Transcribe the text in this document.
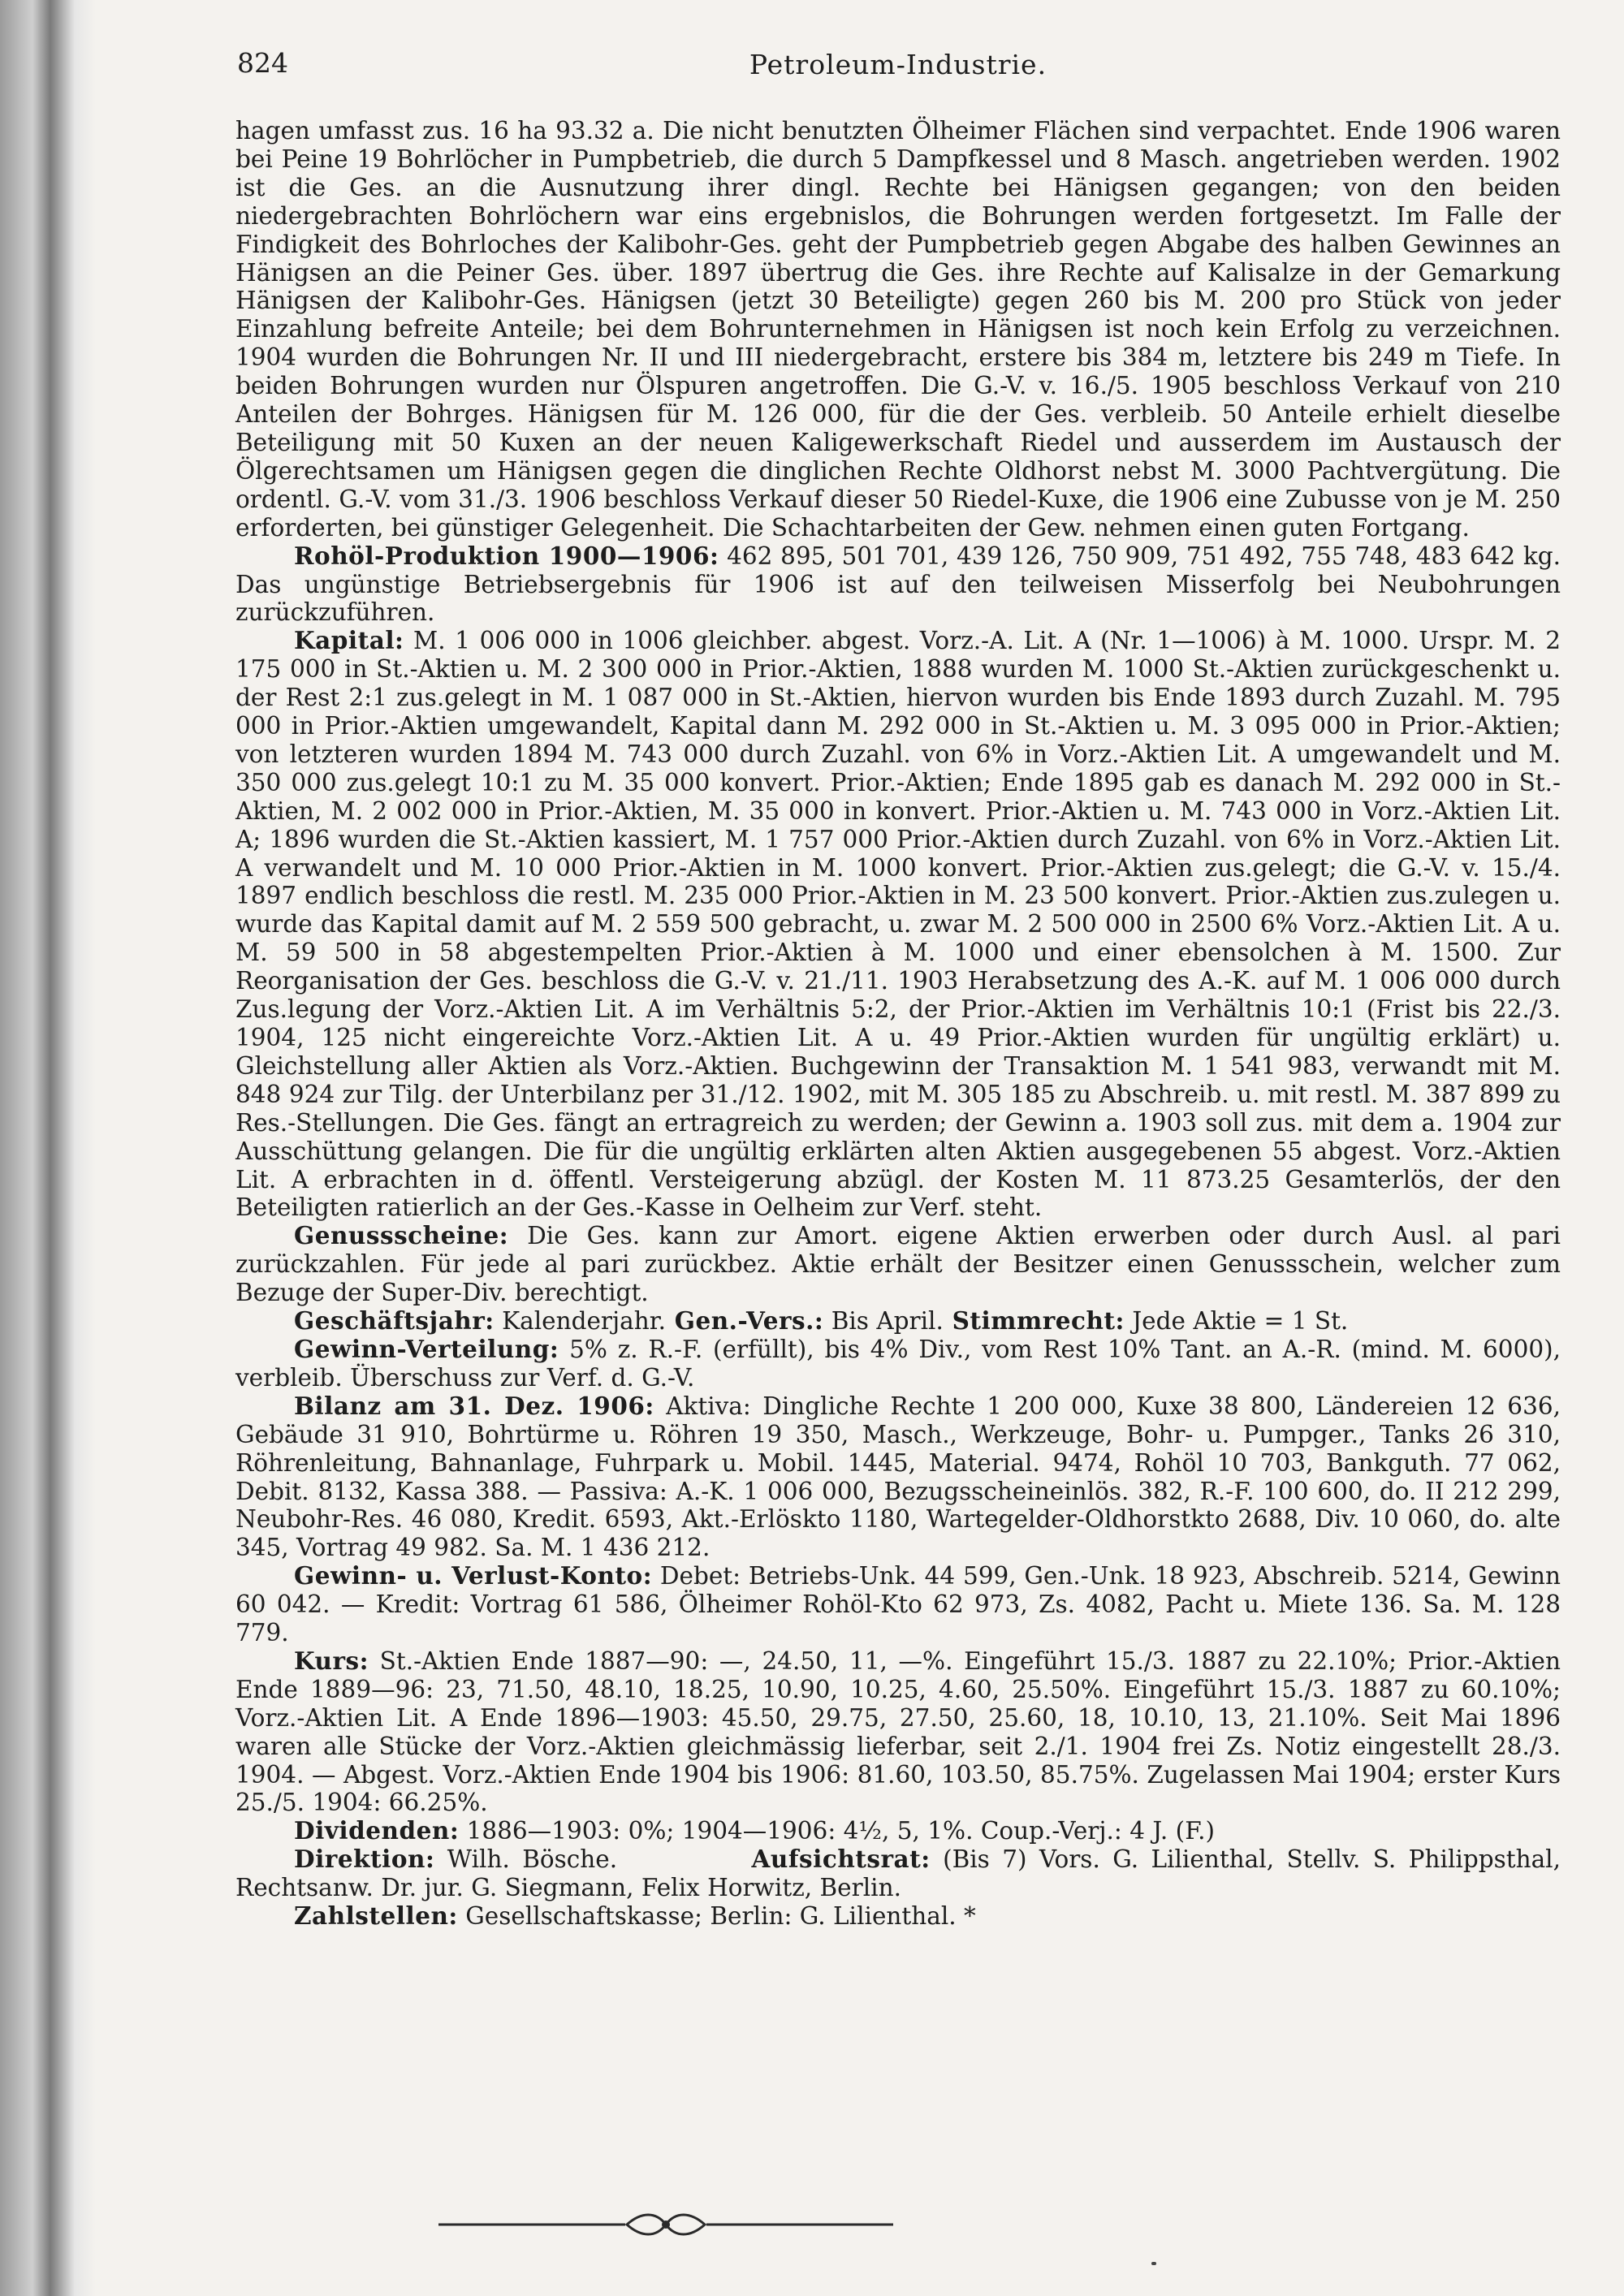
824	Petroleum-Industrie.

hagen umfasst zus. 16 ha 93.32 a. Die nicht benutzten Ölheimer Flächen sind verpachtet. Ende 1906 waren bei Peine 19 Bohrlöcher in Pumpbetrieb, die durch 5 Dampfkessel und 8 Masch. angetrieben werden. 1902 ist die Ges. an die Ausnutzung ihrer dingl. Rechte bei Hänigsen gegangen; von den beiden niedergebrachten Bohrlöchern war eins ergebnislos, die Bohrungen werden fortgesetzt. Im Falle der Findigkeit des Bohrloches der Kalibohr-Ges. geht der Pumpbetrieb gegen Abgabe des halben Gewinnes an Hänigsen an die Peiner Ges. über. 1897 übertrug die Ges. ihre Rechte auf Kalisalze in der Gemarkung Hänigsen der Kalibohr-Ges. Hänigsen (jetzt 30 Beteiligte) gegen 260 bis M. 200 pro Stück von jeder Einzahlung befreite Anteile; bei dem Bohrunternehmen in Hänigsen ist noch kein Erfolg zu verzeichnen. 1904 wurden die Bohrungen Nr. II und III niedergebracht, erstere bis 384 m, letztere bis 249 m Tiefe. In beiden Bohrungen wurden nur Ölspuren angetroffen. Die G.-V. v. 16./5. 1905 beschloss Verkauf von 210 Anteilen der Bohrges. Hänigsen für M. 126 000, für die der Ges. verbleib. 50 Anteile erhielt dieselbe Beteiligung mit 50 Kuxen an der neuen Kaligewerkschaft Riedel und ausserdem im Austausch der Ölgerechtsamen um Hänigsen gegen die dinglichen Rechte Oldhorst nebst M. 3000 Pachtvergütung. Die ordentl. G.-V. vom 31./3. 1906 beschloss Verkauf dieser 50 Riedel-Kuxe, die 1906 eine Zubusse von je M. 250 erforderten, bei günstiger Gelegenheit. Die Schachtarbeiten der Gew. nehmen einen guten Fortgang.

Rohöl-Produktion 1900—1906: 462 895, 501 701, 439 126, 750 909, 751 492, 755 748, 483 642 kg. Das ungünstige Betriebsergebnis für 1906 ist auf den teilweisen Misserfolg bei Neubohrungen zurückzuführen.

Kapital: M. 1 006 000 in 1006 gleichber. abgest. Vorz.-A. Lit. A (Nr. 1—1006) à M. 1000. Urspr. M. 2 175 000 in St.-Aktien u. M. 2 300 000 in Prior.-Aktien, 1888 wurden M. 1000 St.-Aktien zurückgeschenkt u. der Rest 2:1 zus.gelegt in M. 1 087 000 in St.-Aktien, hiervon wurden bis Ende 1893 durch Zuzahl. M. 795 000 in Prior.-Aktien umgewandelt, Kapital dann M. 292 000 in St.-Aktien u. M. 3 095 000 in Prior.-Aktien; von letzteren wurden 1894 M. 743 000 durch Zuzahl. von 6% in Vorz.-Aktien Lit. A umgewandelt und M. 350 000 zus.gelegt 10:1 zu M. 35 000 konvert. Prior.-Aktien; Ende 1895 gab es danach M. 292 000 in St.-Aktien, M. 2 002 000 in Prior.-Aktien, M. 35 000 in konvert. Prior.-Aktien u. M. 743 000 in Vorz.-Aktien Lit. A; 1896 wurden die St.-Aktien kassiert, M. 1 757 000 Prior.-Aktien durch Zuzahl. von 6% in Vorz.-Aktien Lit. A verwandelt und M. 10 000 Prior.-Aktien in M. 1000 konvert. Prior.-Aktien zus.gelegt; die G.-V. v. 15./4. 1897 endlich beschloss die restl. M. 235 000 Prior.-Aktien in M. 23 500 konvert. Prior.-Aktien zus.zulegen u. wurde das Kapital damit auf M. 2 559 500 gebracht, u. zwar M. 2 500 000 in 2500 6% Vorz.-Aktien Lit. A u. M. 59 500 in 58 abgestempelten Prior.-Aktien à M. 1000 und einer ebensolchen à M. 1500. Zur Reorganisation der Ges. beschloss die G.-V. v. 21./11. 1903 Herabsetzung des A.-K. auf M. 1 006 000 durch Zus.legung der Vorz.-Aktien Lit. A im Verhältnis 5:2, der Prior.-Aktien im Verhältnis 10:1 (Frist bis 22./3. 1904, 125 nicht eingereichte Vorz.-Aktien Lit. A u. 49 Prior.-Aktien wurden für ungültig erklärt) u. Gleichstellung aller Aktien als Vorz.-Aktien. Buchgewinn der Transaktion M. 1 541 983, verwandt mit M. 848 924 zur Tilg. der Unterbilanz per 31./12. 1902, mit M. 305 185 zu Abschreib. u. mit restl. M. 387 899 zu Res.-Stellungen. Die Ges. fängt an ertragreich zu werden; der Gewinn a. 1903 soll zus. mit dem a. 1904 zur Ausschüttung gelangen. Die für die ungültig erklärten alten Aktien ausgegebenen 55 abgest. Vorz.-Aktien Lit. A erbrachten in d. öffentl. Versteigerung abzügl. der Kosten M. 11 873.25 Gesamterlös, der den Beteiligten ratierlich an der Ges.-Kasse in Oelheim zur Verf. steht.

Genussscheine: Die Ges. kann zur Amort. eigene Aktien erwerben oder durch Ausl. al pari zurückzahlen. Für jede al pari zurückbez. Aktie erhält der Besitzer einen Genussschein, welcher zum Bezuge der Super-Div. berechtigt.

Geschäftsjahr: Kalenderjahr. Gen.-Vers.: Bis April. Stimmrecht: Jede Aktie = 1 St.

Gewinn-Verteilung: 5% z. R.-F. (erfüllt), bis 4% Div., vom Rest 10% Tant. an A.-R. (mind. M. 6000), verbleib. Überschuss zur Verf. d. G.-V.

Bilanz am 31. Dez. 1906: Aktiva: Dingliche Rechte 1 200 000, Kuxe 38 800, Ländereien 12 636, Gebäude 31 910, Bohrtürme u. Röhren 19 350, Masch., Werkzeuge, Bohr- u. Pumpger., Tanks 26 310, Röhrenleitung, Bahnanlage, Fuhrpark u. Mobil. 1445, Material. 9474, Rohöl 10 703, Bankguth. 77 062, Debit. 8132, Kassa 388. — Passiva: A.-K. 1 006 000, Bezugsscheineinlös. 382, R.-F. 100 600, do. II 212 299, Neubohr-Res. 46 080, Kredit. 6593, Akt.-Erlöskto 1180, Wartegelder-Oldhorstkto 2688, Div. 10 060, do. alte 345, Vortrag 49 982. Sa. M. 1 436 212.

Gewinn- u. Verlust-Konto: Debet: Betriebs-Unk. 44 599, Gen.-Unk. 18 923, Abschreib. 5214, Gewinn 60 042. — Kredit: Vortrag 61 586, Ölheimer Rohöl-Kto 62 973, Zs. 4082, Pacht u. Miete 136. Sa. M. 128 779.

Kurs: St.-Aktien Ende 1887—90: —, 24.50, 11, —%. Eingeführt 15./3. 1887 zu 22.10%; Prior.-Aktien Ende 1889—96: 23, 71.50, 48.10, 18.25, 10.90, 10.25, 4.60, 25.50%. Eingeführt 15./3. 1887 zu 60.10%; Vorz.-Aktien Lit. A Ende 1896—1903: 45.50, 29.75, 27.50, 25.60, 18, 10.10, 13, 21.10%. Seit Mai 1896 waren alle Stücke der Vorz.-Aktien gleichmässig lieferbar, seit 2./1. 1904 frei Zs. Notiz eingestellt 28./3. 1904. — Abgest. Vorz.-Aktien Ende 1904 bis 1906: 81.60, 103.50, 85.75%. Zugelassen Mai 1904; erster Kurs 25./5. 1904: 66.25%.

Dividenden: 1886—1903: 0%; 1904—1906: 4½, 5, 1%. Coup.-Verj.: 4 J. (F.)

Direktion: Wilh. Bösche.	Aufsichtsrat: (Bis 7) Vors. G. Lilienthal, Stellv. S. Philippsthal, Rechtsanw. Dr. jur. G. Siegmann, Felix Horwitz, Berlin.

Zahlstellen: Gesellschaftskasse; Berlin: G. Lilienthal. *
